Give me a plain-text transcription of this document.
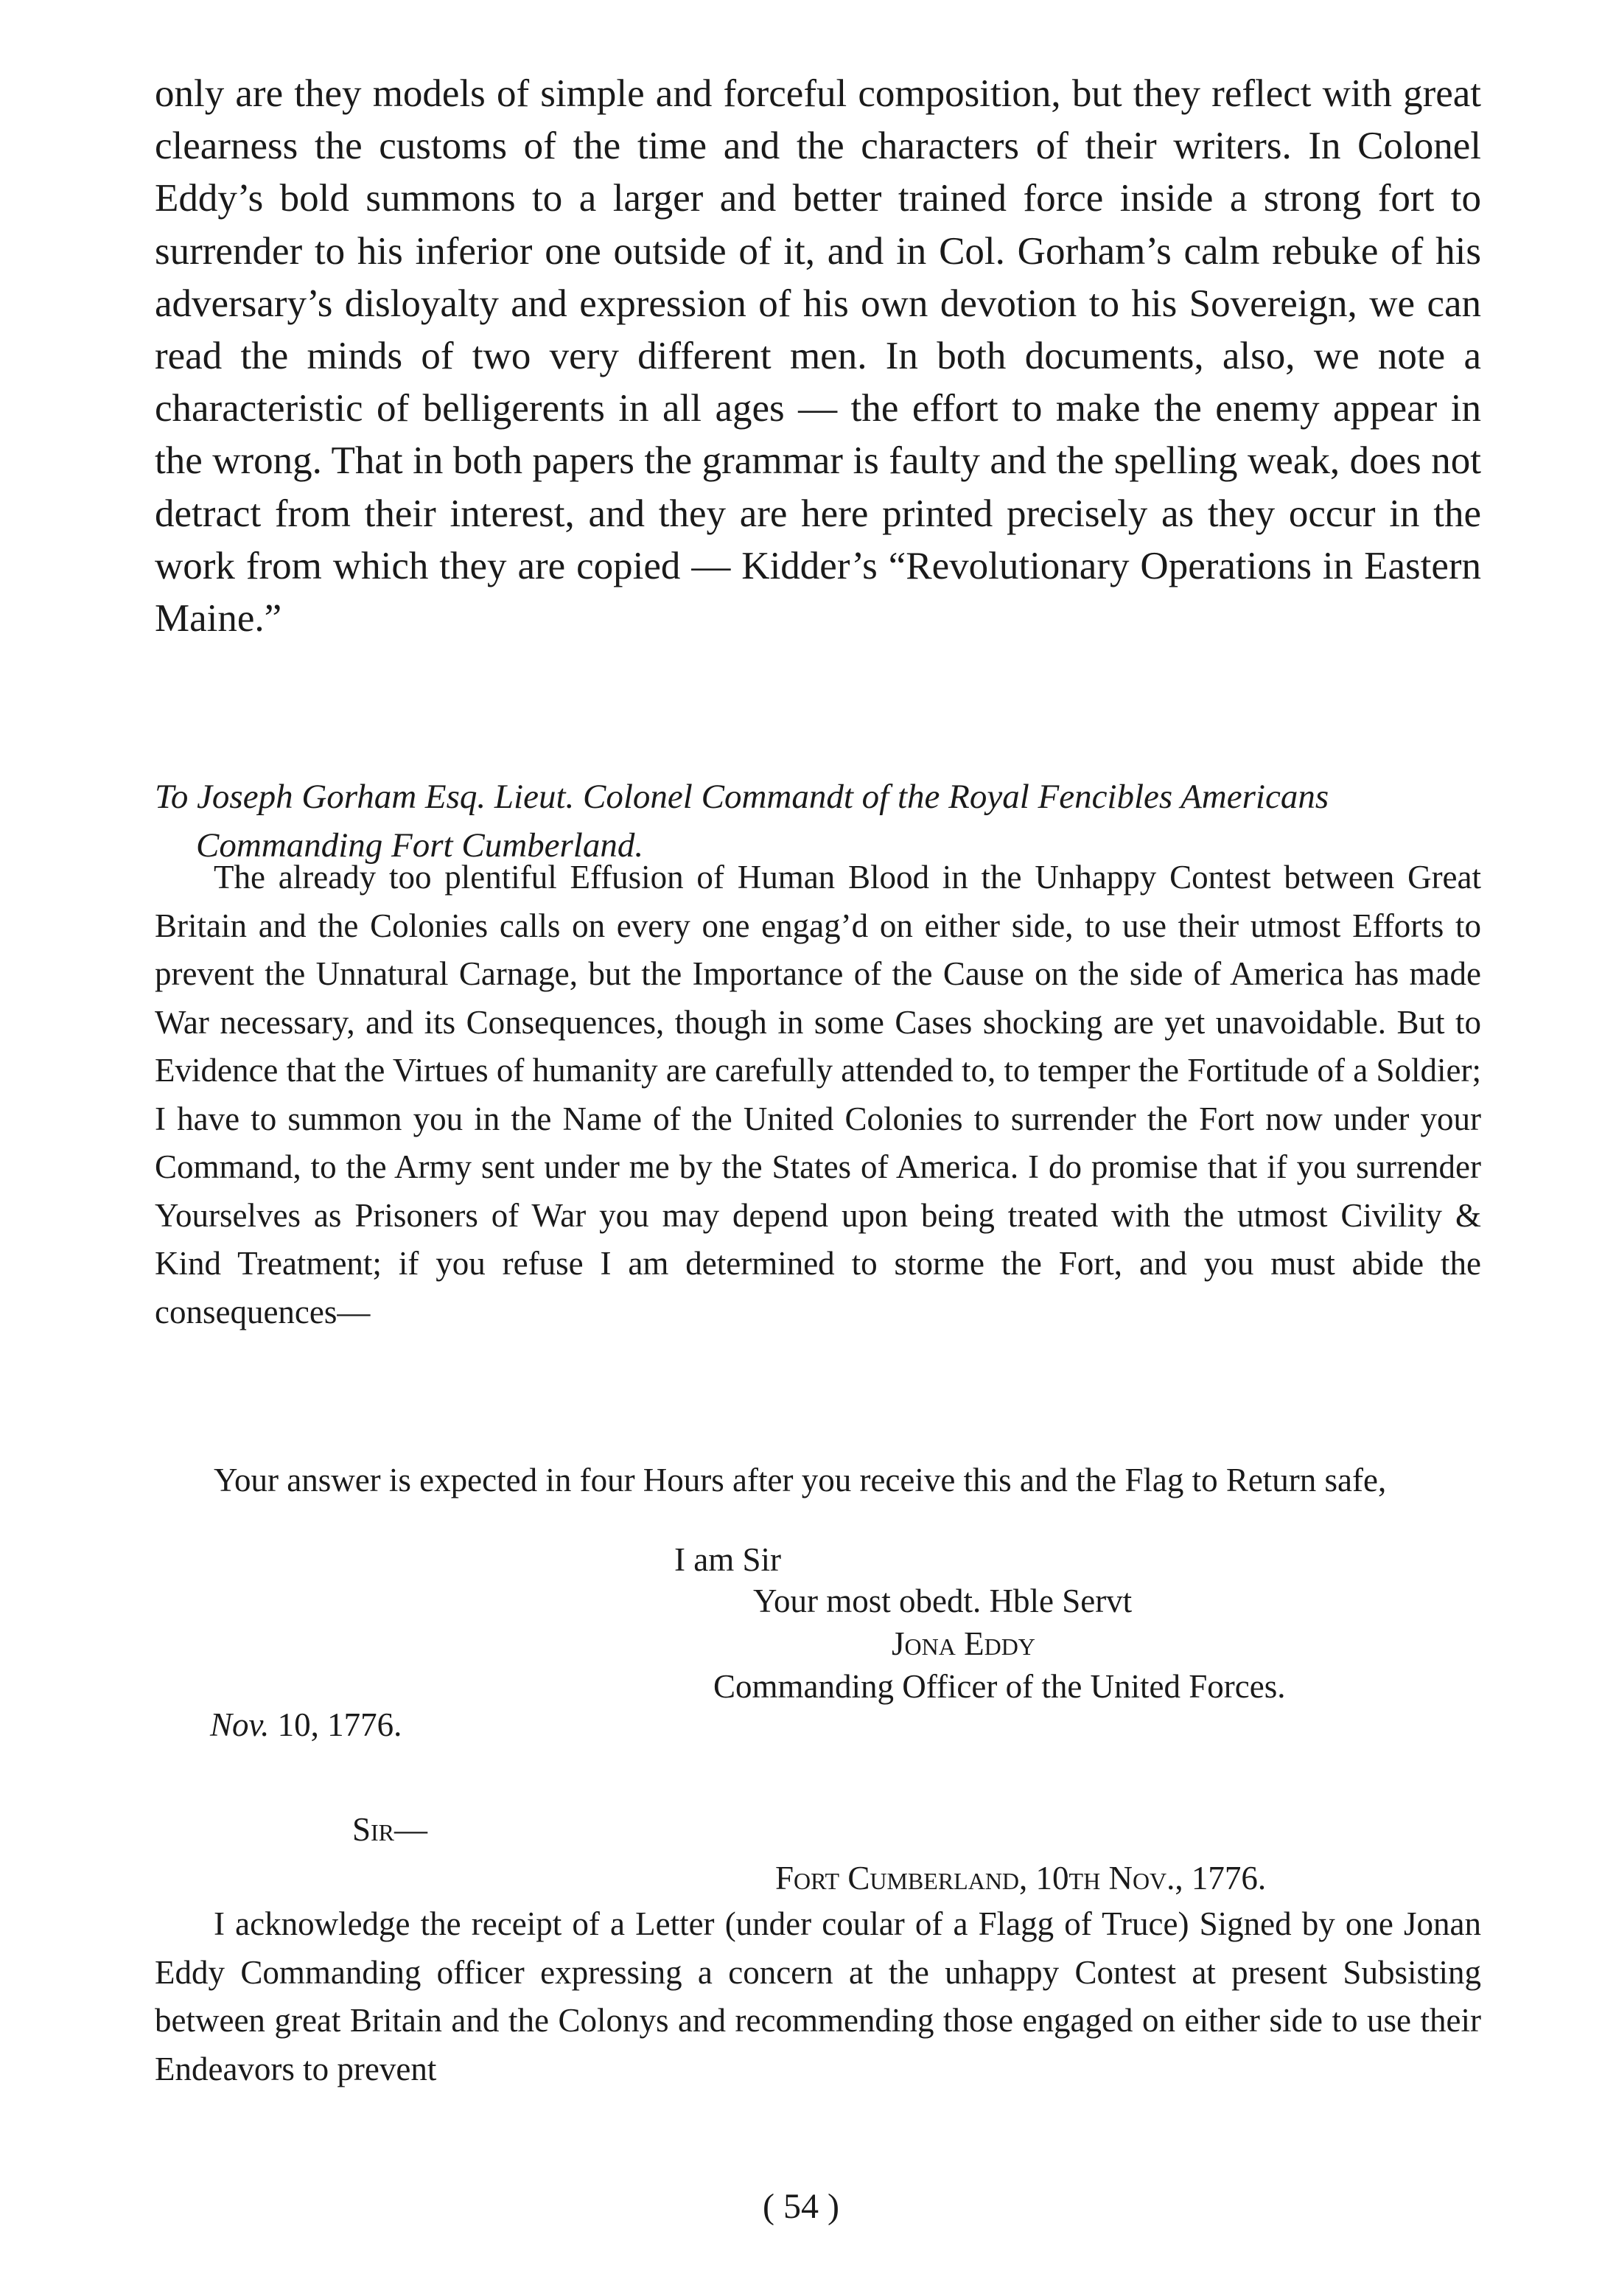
only are they models of simple and forceful composition, but they reflect with great clearness the customs of the time and the characters of their writers. In Colonel Eddy’s bold summons to a larger and better trained force inside a strong fort to surrender to his inferior one outside of it, and in Col. Gorham’s calm rebuke of his adversary’s disloyalty and expression of his own devotion to his Sovereign, we can read the minds of two very different men. In both documents, also, we note a characteristic of belligerents in all ages — the effort to make the enemy appear in the wrong. That in both papers the grammar is faulty and the spelling weak, does not detract from their interest, and they are here printed precisely as they occur in the work from which they are copied — Kidder’s “Revolutionary Operations in Eastern Maine.”

To Joseph Gorham Esq. Lieut. Colonel Commandt of the Royal Fencibles Americans Commanding Fort Cumberland.

The already too plentiful Effusion of Human Blood in the Unhappy Contest between Great Britain and the Colonies calls on every one engag’d on either side, to use their utmost Efforts to prevent the Unnatural Carnage, but the Importance of the Cause on the side of America has made War necessary, and its Consequences, though in some Cases shocking are yet unavoidable. But to Evidence that the Virtues of humanity are carefully attended to, to temper the Fortitude of a Soldier; I have to summon you in the Name of the United Colonies to surrender the Fort now under your Command, to the Army sent under me by the States of America. I do promise that if you surrender Yourselves as Prisoners of War you may depend upon being treated with the utmost Civility & Kind Treatment; if you refuse I am determined to storme the Fort, and you must abide the consequences—

Your answer is expected in four Hours after you receive this and the Flag to Return safe,

I am Sir

Your most obedt. Hble Servt

Jona Eddy

Commanding Officer of the United Forces.

Nov. 10, 1776.

Sir—

Fort Cumberland, 10th Nov., 1776.

I acknowledge the receipt of a Letter (under coular of a Flagg of Truce) Signed by one Jonan Eddy Commanding officer expressing a concern at the unhappy Contest at present Subsisting between great Britain and the Colonys and recommending those engaged on either side to use their Endeavors to prevent

( 54 )
